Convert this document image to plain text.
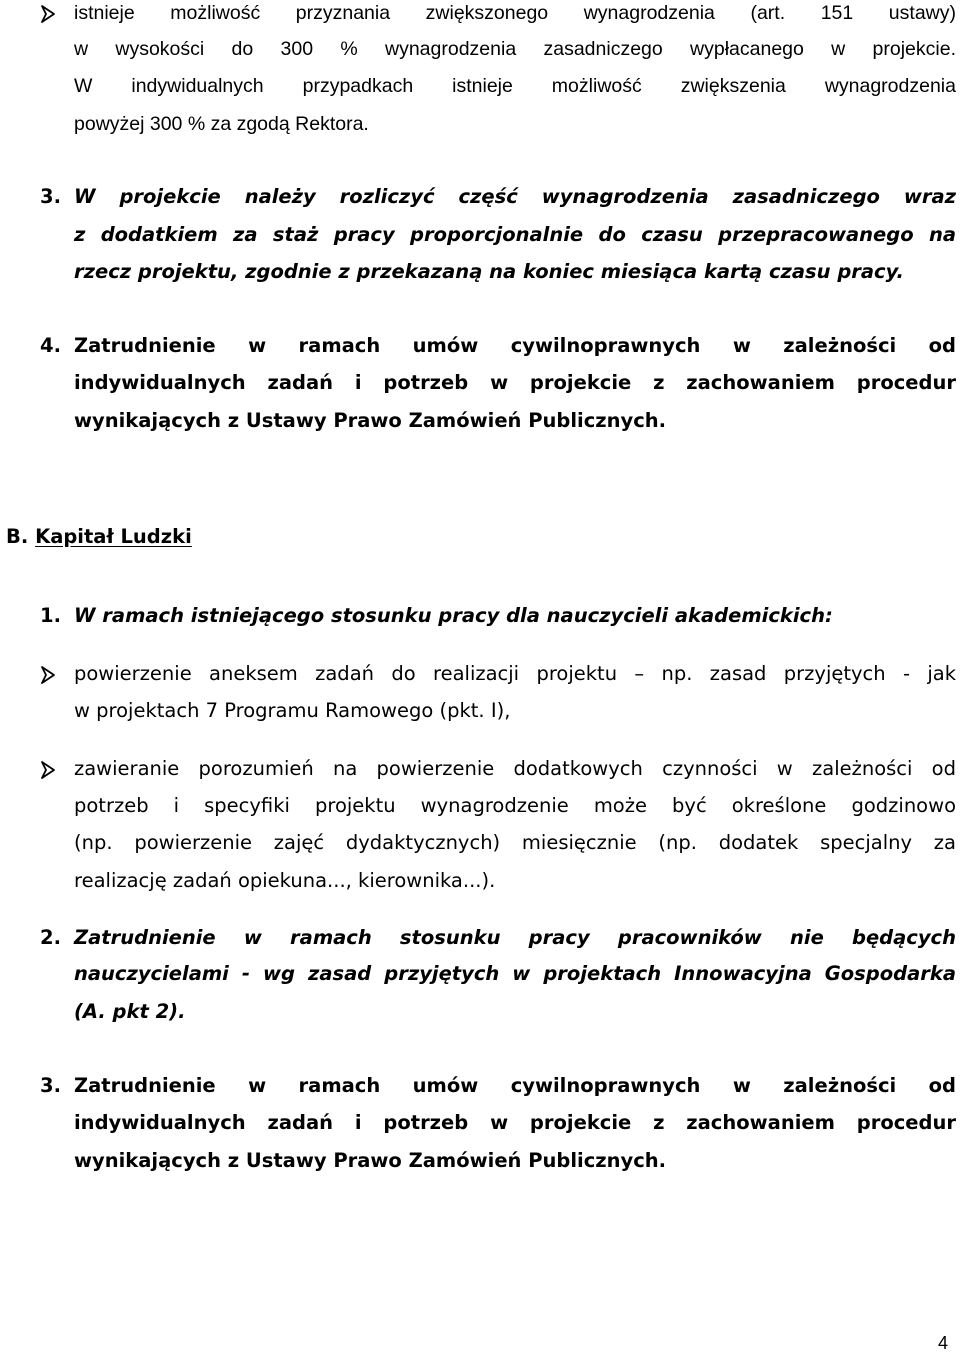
istnieje możliwość przyznania zwiększonego wynagrodzenia (art. 151 ustawy)
w wysokości do 300 % wynagrodzenia zasadniczego wypłacanego w projekcie.
W indywidualnych przypadkach istnieje możliwość zwiększenia wynagrodzenia
powyżej 300 % za zgodą Rektora.
3. W projekcie należy rozliczyć część wynagrodzenia zasadniczego wraz
z dodatkiem za staż pracy proporcjonalnie do czasu przepracowanego na
rzecz projektu, zgodnie z przekazaną na koniec miesiąca kartą czasu pracy.
4. Zatrudnienie w ramach umów cywilnoprawnych w zależności od
indywidualnych zadań i potrzeb w projekcie z zachowaniem procedur
wynikających z Ustawy Prawo Zamówień Publicznych.
B. Kapitał Ludzki
1. W ramach istniejącego stosunku pracy dla nauczycieli akademickich:
powierzenie aneksem zadań do realizacji projektu – np. zasad przyjętych - jak
w projektach 7 Programu Ramowego (pkt. I),
zawieranie porozumień na powierzenie dodatkowych czynności w zależności od
potrzeb i specyfiki projektu wynagrodzenie może być określone godzinowo
(np. powierzenie zajęć dydaktycznych) miesięcznie (np. dodatek specjalny za
realizację zadań opiekuna..., kierownika...).
2. Zatrudnienie w ramach stosunku pracy pracowników nie będących
nauczycielami - wg zasad przyjętych w projektach Innowacyjna Gospodarka
(A. pkt 2).
3. Zatrudnienie w ramach umów cywilnoprawnych w zależności od
indywidualnych zadań i potrzeb w projekcie z zachowaniem procedur
wynikających z Ustawy Prawo Zamówień Publicznych.
4
